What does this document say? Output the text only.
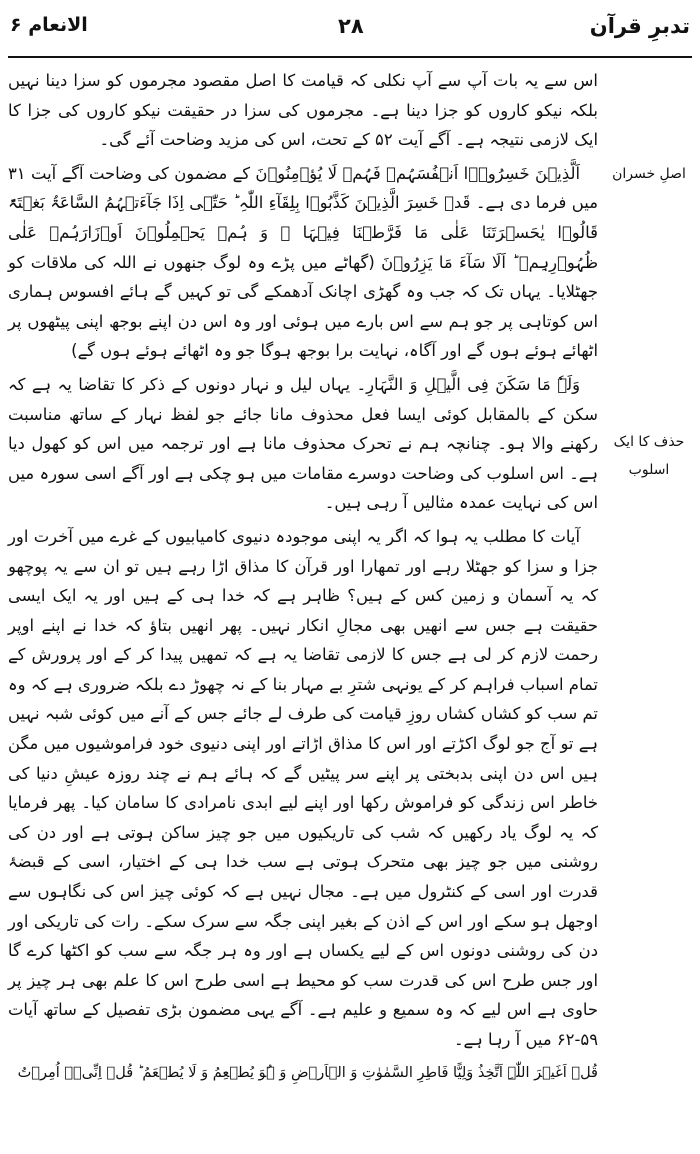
تدبرِ قرآن
۲۸
الانعام ۶
اصلِ خسران
حذف کا ایک اسلوب

اس سے یہ بات آپ سے آپ نکلی کہ قیامت کا اصل مقصود مجرموں کو سزا دینا نہیں بلکہ نیکو کاروں کو جزا دینا ہے۔ مجرموں کی سزا در حقیقت نیکو کاروں کی جزا کا ایک لازمی نتیجہ ہے۔ آگے آیت ۵۲ کے تحت، اس کی مزید وضاحت آئے گی۔

اَلَّذِیۡنَ خَسِرُوۡۤا اَنۡفُسَہُمۡ فَہُمۡ لَا یُؤۡمِنُوۡنَ کے مضمون کی وضاحت آگے آیت ۳۱ میں فرما دی ہے۔ قَدۡ خَسِرَ الَّذِیۡنَ کَذَّبُوۡا بِلِقَآءِ اللّٰہِ ؕ حَتّٰۤی اِذَا جَآءَتۡہُمُ السَّاعَۃُ بَغۡتَۃً قَالُوۡا یٰحَسۡرَتَنَا عَلٰی مَا فَرَّطۡنَا فِیۡہَا ۙ وَ ہُمۡ یَحۡمِلُوۡنَ اَوۡزَارَہُمۡ عَلٰی ظُہُوۡرِہِمۡ ؕ اَلَا سَآءَ مَا یَزِرُوۡنَ (گھاٹے میں پڑے وہ لوگ جنھوں نے اللہ کی ملاقات کو جھٹلایا۔ یہاں تک کہ جب وہ گھڑی اچانک آدھمکے گی تو کہیں گے ہائے افسوس ہماری اس کوتاہی پر جو ہم سے اس بارے میں ہوئی اور وہ اس دن اپنے بوجھ اپنی پیٹھوں پر اٹھائے ہوئے ہوں گے اور آگاہ، نہایت برا بوجھ ہوگا جو وہ اٹھائے ہوئے ہوں گے)

وَلَہٗ مَا سَکَنَ فِی الَّیۡلِ وَ النَّہَارِ۔ یہاں لیل و نہار دونوں کے ذکر کا تقاضا یہ ہے کہ سکن کے بالمقابل کوئی ایسا فعل محذوف مانا جائے جو لفظ نہار کے ساتھ مناسبت رکھنے والا ہو۔ چنانچہ ہم نے تحرک محذوف مانا ہے اور ترجمہ میں اس کو کھول دیا ہے۔ اس اسلوب کی وضاحت دوسرے مقامات میں ہو چکی ہے اور آگے اسی سورہ میں اس کی نہایت عمدہ مثالیں آ رہی ہیں۔

آیات کا مطلب یہ ہوا کہ اگر یہ اپنی موجودہ دنیوی کامیابیوں کے غرے میں آخرت اور جزا و سزا کو جھٹلا رہے اور تمھارا اور قرآن کا مذاق اڑا رہے ہیں تو ان سے یہ پوچھو کہ یہ آسمان و زمین کس کے ہیں؟ ظاہر ہے کہ خدا ہی کے ہیں اور یہ ایک ایسی حقیقت ہے جس سے انھیں بھی مجالِ انکار نہیں۔ پھر انھیں بتاؤ کہ خدا نے اپنے اوپر رحمت لازم کر لی ہے جس کا لازمی تقاضا یہ ہے کہ تمھیں پیدا کر کے اور پرورش کے تمام اسباب فراہم کر کے یونہی شترِ بے مہار بنا کے نہ چھوڑ دے بلکہ ضروری ہے کہ وہ تم سب کو کشاں کشاں روزِ قیامت کی طرف لے جائے جس کے آنے میں کوئی شبہ نہیں ہے تو آج جو لوگ اکڑتے اور اس کا مذاق اڑاتے اور اپنی دنیوی خود فراموشیوں میں مگن ہیں اس دن اپنی بدبختی پر اپنے سر پیٹیں گے کہ ہائے ہم نے چند روزہ عیشِ دنیا کی خاطر اس زندگی کو فراموش رکھا اور اپنے لیے ابدی نامرادی کا سامان کیا۔ پھر فرمایا کہ یہ لوگ یاد رکھیں کہ شب کی تاریکیوں میں جو چیز ساکن ہوتی ہے اور دن کی روشنی میں جو چیز بھی متحرک ہوتی ہے سب خدا ہی کے اختیار، اسی کے قبضۂ قدرت اور اسی کے کنٹرول میں ہے۔ مجال نہیں ہے کہ کوئی چیز اس کی نگاہوں سے اوجھل ہو سکے اور اس کے اذن کے بغیر اپنی جگہ سے سرک سکے۔ رات کی تاریکی اور دن کی روشنی دونوں اس کے لیے یکساں ہے اور وہ ہر جگہ سے سب کو اکٹھا کرے گا اور جس طرح اس کی قدرت سب کو محیط ہے اسی طرح اس کا علم بھی ہر چیز پر حاوی ہے اس لیے کہ وہ سمیع و علیم ہے۔ آگے یہی مضمون بڑی تفصیل کے ساتھ آیات ۵۹-۶۲ میں آ رہا ہے۔

قُلۡ اَغَیۡرَ اللّٰہِ اَتَّخِذُ وَلِیًّا فَاطِرِ السَّمٰوٰتِ وَ الۡاَرۡضِ وَ ہُوَ یُطۡعِمُ وَ لَا یُطۡعَمُ ؕ قُلۡ اِنِّیۡۤ اُمِرۡتُ
